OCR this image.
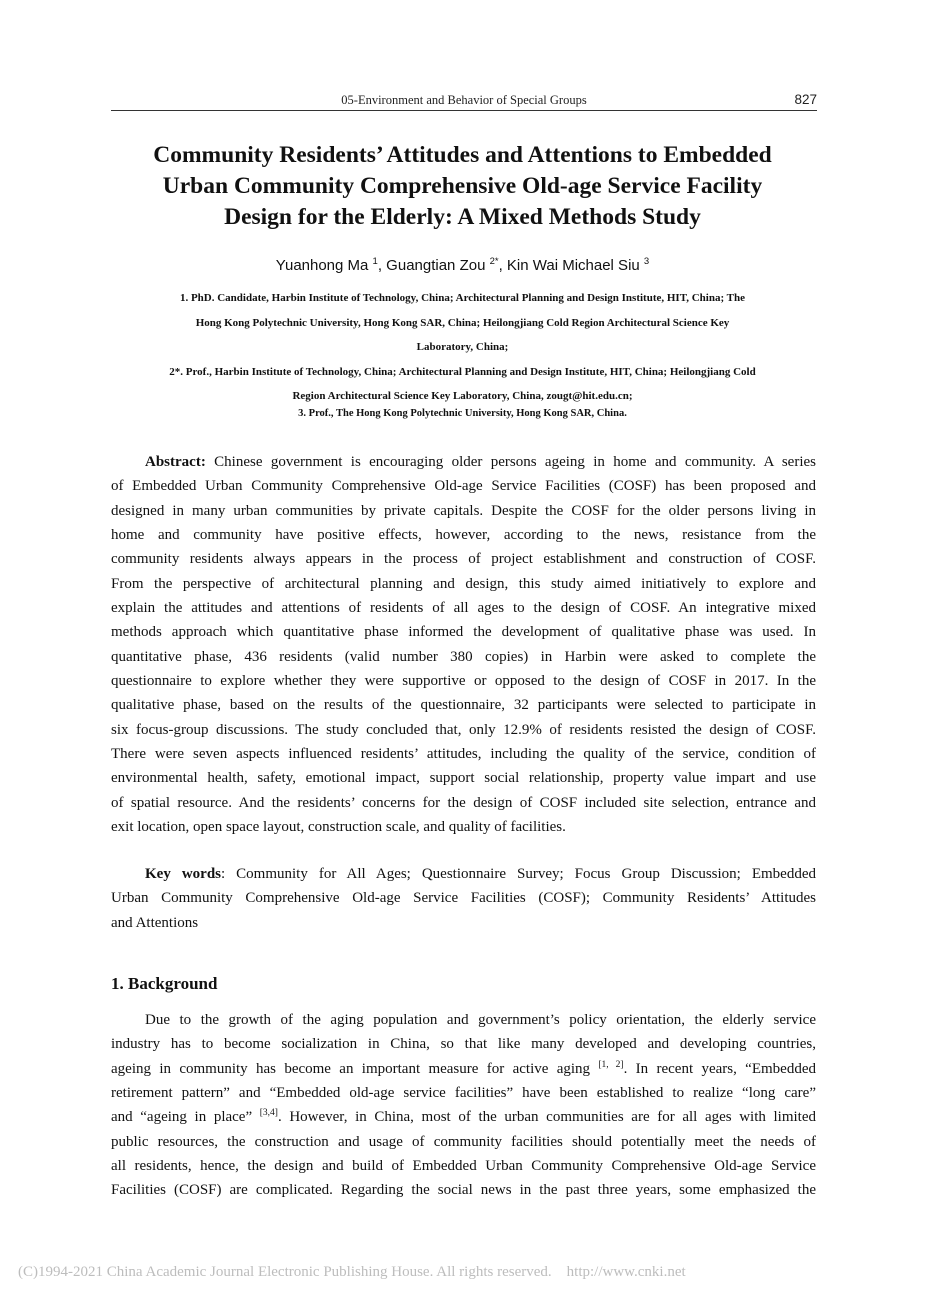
05-Environment and Behavior of Special Groups	827
Community Residents’ Attitudes and Attentions to Embedded
Urban Community Comprehensive Old-age Service Facility
Design for the Elderly: A Mixed Methods Study
Yuanhong Ma $^1$, Guangtian Zou $^{2*}$, Kin Wai Michael Siu $^3$
1. PhD. Candidate, Harbin Institute of Technology, China; Architectural Planning and Design Institute, HIT, China; The
Hong Kong Polytechnic University, Hong Kong SAR, China; Heilongjiang Cold Region Architectural Science Key
Laboratory, China;
2*. Prof., Harbin Institute of Technology, China; Architectural Planning and Design Institute, HIT, China; Heilongjiang Cold
Region Architectural Science Key Laboratory, China, zougt@hit.edu.cn;
3. Prof., The Hong Kong Polytechnic University, Hong Kong SAR, China.
Abstract: Chinese government is encouraging older persons ageing in home and community. A series
of Embedded Urban Community Comprehensive Old-age Service Facilities (COSF) has been proposed and
designed in many urban communities by private capitals. Despite the COSF for the older persons living in
home and community have positive effects, however, according to the news, resistance from the
community residents always appears in the process of project establishment and construction of COSF.
From the perspective of architectural planning and design, this study aimed initiatively to explore and
explain the attitudes and attentions of residents of all ages to the design of COSF. An integrative mixed
methods approach which quantitative phase informed the development of qualitative phase was used. In
quantitative phase, 436 residents (valid number 380 copies) in Harbin were asked to complete the
questionnaire to explore whether they were supportive or opposed to the design of COSF in 2017. In the
qualitative phase, based on the results of the questionnaire, 32 participants were selected to participate in
six focus-group discussions. The study concluded that, only 12.9% of residents resisted the design of COSF.
There were seven aspects influenced residents’ attitudes, including the quality of the service, condition of
environmental health, safety, emotional impact, support social relationship, property value impart and use
of spatial resource. And the residents’ concerns for the design of COSF included site selection, entrance and
exit location, open space layout, construction scale, and quality of facilities.
Key words: Community for All Ages; Questionnaire Survey; Focus Group Discussion; Embedded
Urban Community Comprehensive Old-age Service Facilities (COSF); Community Residents’ Attitudes
and Attentions
1. Background
Due to the growth of the aging population and government’s policy orientation, the elderly service
industry has to become socialization in China, so that like many developed and developing countries,
ageing in community has become an important measure for active aging [1, 2]. In recent years, “Embedded
retirement pattern” and “Embedded old-age service facilities” have been established to realize “long care”
and “ageing in place” [3,4]. However, in China, most of the urban communities are for all ages with limited
public resources, the construction and usage of community facilities should potentially meet the needs of
all residents, hence, the design and build of Embedded Urban Community Comprehensive Old-age Service
Facilities (COSF) are complicated. Regarding the social news in the past three years, some emphasized the
(C)1994-2021 China Academic Journal Electronic Publishing House. All rights reserved. http://www.cnki.net
